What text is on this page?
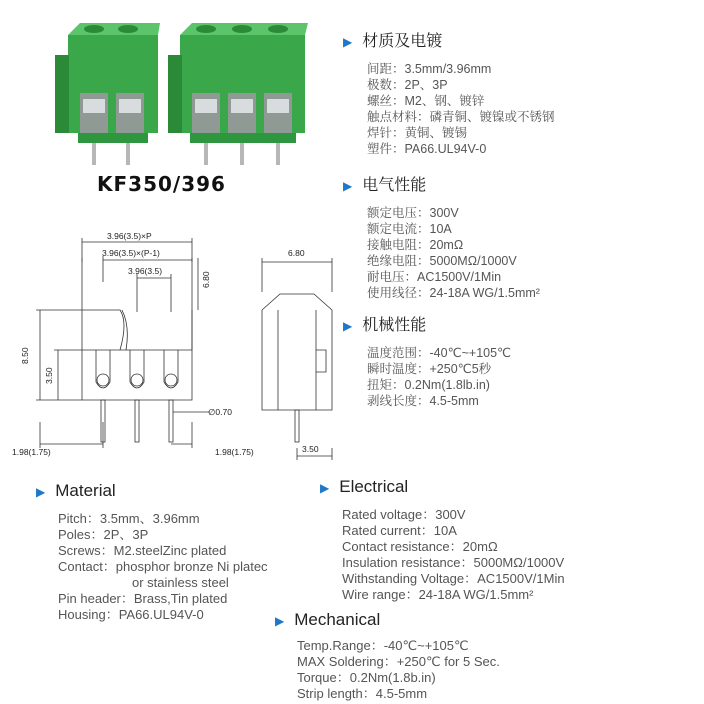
KF350/396
▶ 材质及电镀
间距：3.5mm/3.96mm
极数：2P、3P
螺丝：M2、钢、镀锌
触点材料：磷青铜、镀镍或不锈钢
焊针：黄铜、镀锡
塑件：PA66.UL94V-0
▶ 电气性能
额定电压：300V
额定电流：10A
接触电阻：20mΩ
绝缘电阻：5000MΩ/1000V
耐电压：AC1500V/1Min
使用线径：24-18A WG/1.5mm²
▶ 机械性能
温度范围：-40℃~+105℃
瞬时温度：+250℃5秒
扭矩：0.2Nm(1.8lb.in)
剥线长度：4.5-5mm
3.96(3.5)×P
3.96(3.5)×(P-1)
3.96(3.5)
8.50
3.50
6.80
∅0.70
1.98(1.75)	1.98(1.75)
6.80
3.50
▶ Material
Pitch：3.5mm、3.96mm
Poles：2P、3P
Screws：M2.steelZinc plated
Contact：phosphor bronze Ni platec
or stainless steel
Pin header：Brass,Tin plated
Housing：PA66.UL94V-0
▶ Electrical
Rated voltage：300V
Rated current：10A
Contact resistance：20mΩ
Insulation resistance：5000MΩ/1000V
Withstanding Voltage：AC1500V/1Min
Wire range：24-18A WG/1.5mm²
▶ Mechanical
Temp.Range：-40℃~+105℃
MAX Soldering：+250℃ for 5 Sec.
Torque：0.2Nm(1.8b.in)
Strip length：4.5-5mm
